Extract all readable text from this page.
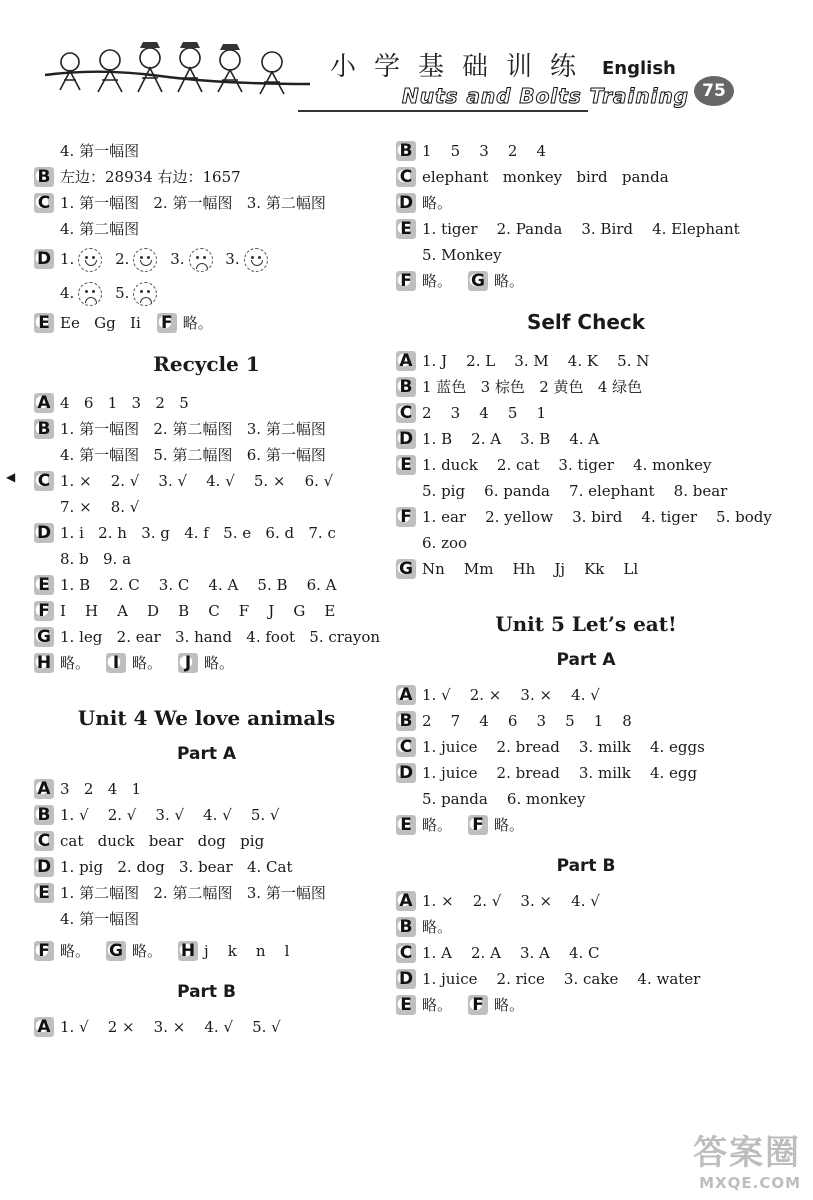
小学基础训练 English
Nuts and Bolts Training 75
◀
4. 第一幅图
B 左边：28934 右边：1657
C 1. 第一幅图   2. 第一幅图   3. 第二幅图
4. 第二幅图
D 1.	2.	3.	3.
4.	5.
E Ee   Gg   Ii F 略。
Recycle 1
A 4   6   1   3   2   5
B 1. 第一幅图   2. 第二幅图   3. 第二幅图
4. 第一幅图   5. 第二幅图   6. 第一幅图
C 1. ×    2. √    3. √    4. √    5. ×    6. √
7. ×    8. √
D 1. i   2. h   3. g   4. f   5. e   6. d   7. c
8. b   9. a
E 1. B    2. C    3. C    4. A    5. B    6. A
F I    H    A    D    B    C    F    J    G    E
G 1. leg   2. ear   3. hand   4. foot   5. crayon
H 略。	I 略。	J 略。
Unit 4 We love animals
Part A
A 3   2   4   1
B 1. √    2. √    3. √    4. √    5. √
C cat   duck   bear   dog   pig
D 1. pig   2. dog   3. bear   4. Cat
E 1. 第二幅图   2. 第二幅图   3. 第一幅图
4. 第一幅图
F 略。 G 略。 H j    k    n    l
Part B
A 1. √    2 ×    3. ×    4. √    5. √
B 1    5    3    2    4
C elephant   monkey   bird   panda
D 略。
E 1. tiger    2. Panda    3. Bird    4. Elephant
5. Monkey
F 略。 G 略。
Self Check
A 1. J    2. L    3. M    4. K    5. N
B 1 蓝色   3 棕色   2 黄色   4 绿色
C 2    3    4    5    1
D 1. B    2. A    3. B    4. A
E 1. duck    2. cat    3. tiger    4. monkey
5. pig    6. panda    7. elephant    8. bear
F 1. ear    2. yellow    3. bird    4. tiger    5. body
6. zoo
G Nn    Mm    Hh    Jj    Kk    Ll
Unit 5 Let’s eat!
Part A
A 1. √    2. ×    3. ×    4. √
B 2    7    4    6    3    5    1    8
C 1. juice    2. bread    3. milk    4. eggs
D 1. juice    2. bread    3. milk    4. egg
5. panda    6. monkey
E 略。 F 略。
Part B
A 1. ×    2. √    3. ×    4. √
B 略。
C 1. A    2. A    3. A    4. C
D 1. juice    2. rice    3. cake    4. water
E 略。 F 略。
答案圈
MXQE.COM
